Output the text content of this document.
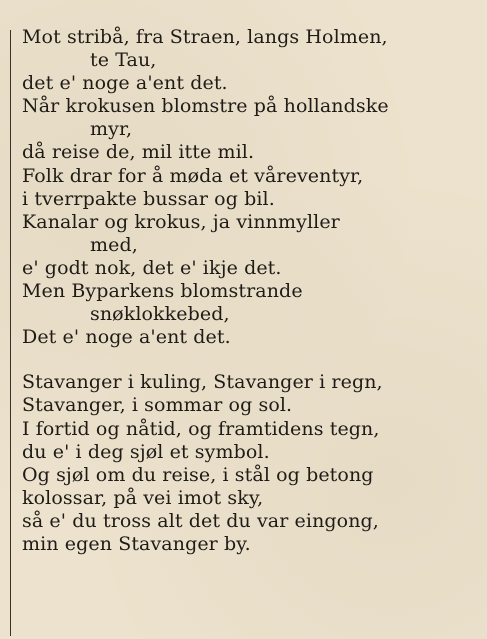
Mot stribå, fra Straen, langs Holmen,
te Tau,
det e' noge a'ent det.
Når krokusen blomstre på hollandske
myr,
då reise de, mil itte mil.
Folk drar for å møda et våreventyr,
i tverrpakte bussar og bil.
Kanalar og krokus, ja vinnmyller
med,
e' godt nok, det e' ikje det.
Men Byparkens blomstrande
snøklokkebed,
Det e' noge a'ent det.
Stavanger i kuling, Stavanger i regn,
Stavanger, i sommar og sol.
I fortid og nåtid, og framtidens tegn,
du e' i deg sjøl et symbol.
Og sjøl om du reise, i stål og betong
kolossar, på vei imot sky,
så e' du tross alt det du var eingong,
min egen Stavanger by.
